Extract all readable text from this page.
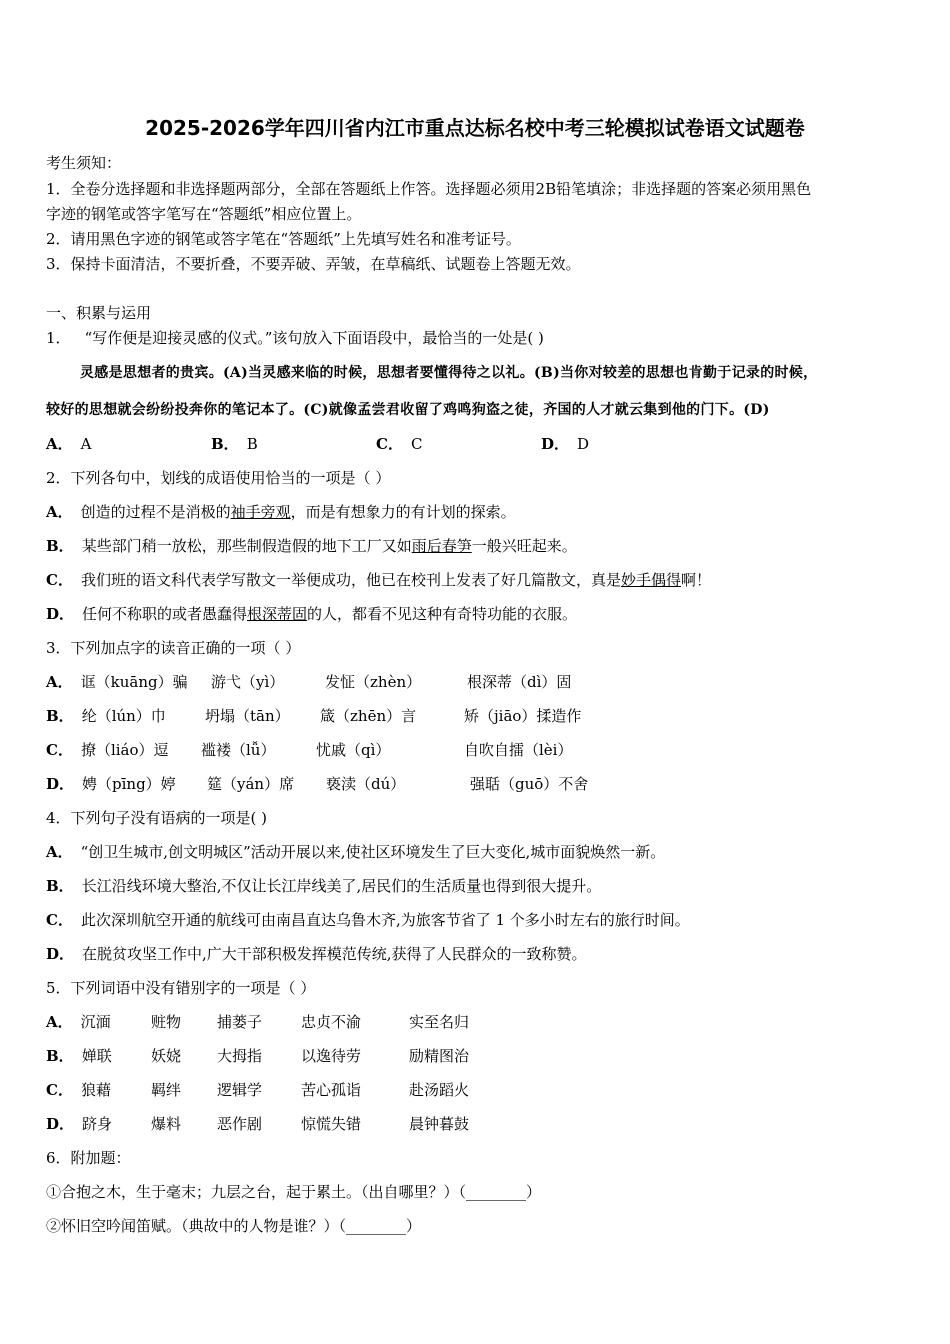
2025-2026学年四川省内江市重点达标名校中考三轮模拟试卷语文试题卷
考生须知：
1．全卷分选择题和非选择题两部分，全部在答题纸上作答。选择题必须用2B铅笔填涂；非选择题的答案必须用黑色
字迹的钢笔或答字笔写在“答题纸”相应位置上。
2．请用黑色字迹的钢笔或答字笔在“答题纸”上先填写姓名和准考证号。
3．保持卡面清洁，不要折叠，不要弄破、弄皱，在草稿纸、试题卷上答题无效。
一、积累与运用
1． “写作便是迎接灵感的仪式。”该句放入下面语段中，最恰当的一处是( )
灵感是思想者的贵宾。(A)当灵感来临的时候，思想者要懂得待之以礼。(B)当你对较差的思想也肯勤于记录的时候，
较好的思想就会纷纷投奔你的笔记本了。(C)就像孟尝君收留了鸡鸣狗盗之徒，齐国的人才就云集到他的门下。(D)
A． A	B． B	C． C	D． D
2．下列各句中，划线的成语使用恰当的一项是（ ）
A． 创造的过程不是消极的袖手旁观，而是有想象力的有计划的探索。
B． 某些部门稍一放松，那些制假造假的地下工厂又如雨后春笋一般兴旺起来。
C． 我们班的语文科代表学写散文一举便成功，他已在校刊上发表了好几篇散文，真是妙手偶得啊！
D． 任何不称职的或者愚蠢得根深蒂固的人，都看不见这种有奇特功能的衣服。
3．下列加点字的读音正确的一项（ ）
A． 诓（kuāng）骗 游弋（yì）	发怔（zhèn）	根深蒂（dì）固
B． 纶（lún）巾	坍塌（tān） 箴（zhēn）言	矫（jiāo）揉造作
C． 撩（liáo）逗 褴褛（lǚ）	忧戚（qì）	自吹自擂（lèi）
D． 娉（pīng）婷 筵（yán）席 亵渎（dú）	强聒（guō）不舍
4．下列句子没有语病的一项是( )
A． “创卫生城市,创文明城区”活动开展以来,使社区环境发生了巨大变化,城市面貌焕然一新。
B． 长江沿线环境大整治,不仅让长江岸线美了,居民们的生活质量也得到很大提升。
C． 此次深圳航空开通的航线可由南昌直达乌鲁木齐,为旅客节省了 1 个多小时左右的旅行时间。
D． 在脱贫攻坚工作中,广大干部积极发挥模范传统,获得了人民群众的一致称赞。
5．下列词语中没有错别字的一项是（ ）
A． 沉湎	赃物 捕蒌子	忠贞不渝	实至名归
B． 婵联	妖娆 大拇指	以逸待劳	励精图治
C． 狼藉	羁绊 逻辑学	苦心孤诣	赴汤蹈火
D． 跻身	爆料 恶作剧	惊慌失错	晨钟暮鼓
6．附加题：
①合抱之木，生于毫末；九层之台，起于累土。（出自哪里？）（________）
②怀旧空吟闻笛赋。（典故中的人物是谁？）（________）
